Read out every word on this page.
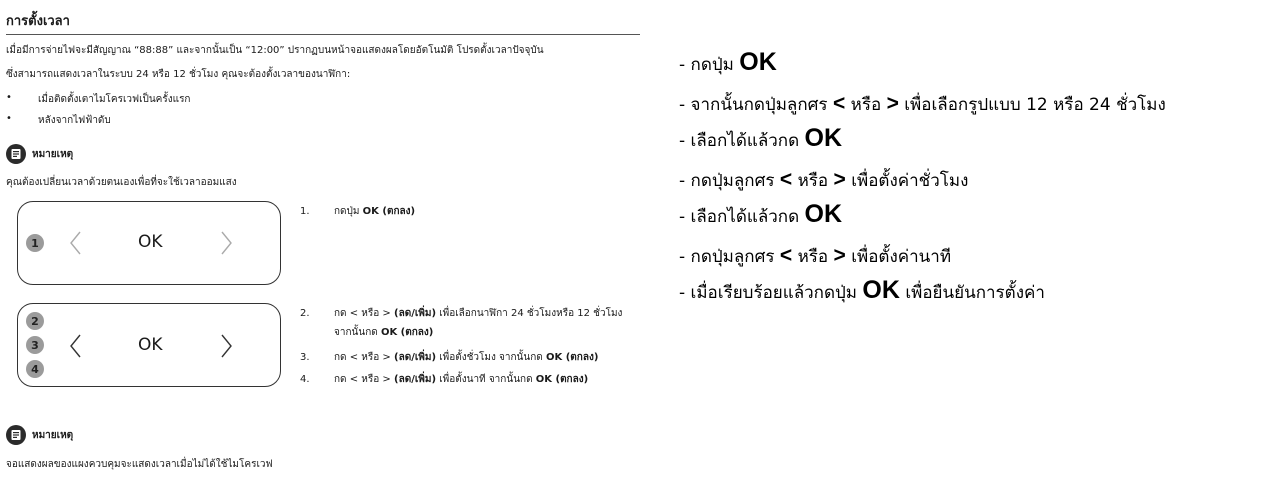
การตั้งเวลา
เมื่อมีการจ่ายไฟจะมีสัญญาณ “88:88” และจากนั้นเป็น “12:00” ปรากฏบนหน้าจอแสดงผลโดยอัตโนมัติ โปรดตั้งเวลาปัจจุบัน
ซึ่งสามารถแสดงเวลาในระบบ 24 หรือ 12 ชั่วโมง คุณจะต้องตั้งเวลาของนาฬิกา:
•	เมื่อติดตั้งเตาไมโครเวฟเป็นครั้งแรก
•	หลังจากไฟฟ้าดับ
หมายเหตุ
คุณต้องเปลี่ยนเวลาด้วยตนเองเพื่อที่จะใช้เวลาออมแสง
1	OK
2
3
4
OK
1. กดปุ่ม OK (ตกลง)
2. กด < หรือ > (ลด/เพิ่ม) เพื่อเลือกนาฬิกา 24 ชั่วโมงหรือ 12 ชั่วโมง จากนั้นกด OK (ตกลง)
3. กด < หรือ > (ลด/เพิ่ม) เพื่อตั้งชั่วโมง จากนั้นกด OK (ตกลง)
4. กด < หรือ > (ลด/เพิ่ม) เพื่อตั้งนาที จากนั้นกด OK (ตกลง)
หมายเหตุ
จอแสดงผลของแผงควบคุมจะแสดงเวลาเมื่อไม่ได้ใช้ไมโครเวฟ
- กดปุ่ม OK
- จากนั้นกดปุ่มลูกศร < หรือ > เพื่อเลือกรูปแบบ 12 หรือ 24 ชั่วโมง
- เลือกได้แล้วกด OK
- กดปุ่มลูกศร < หรือ > เพื่อตั้งค่าชั่วโมง
- เลือกได้แล้วกด OK
- กดปุ่มลูกศร < หรือ > เพื่อตั้งค่านาที
- เมื่อเรียบร้อยแล้วกดปุ่ม OK เพื่อยืนยันการตั้งค่า
